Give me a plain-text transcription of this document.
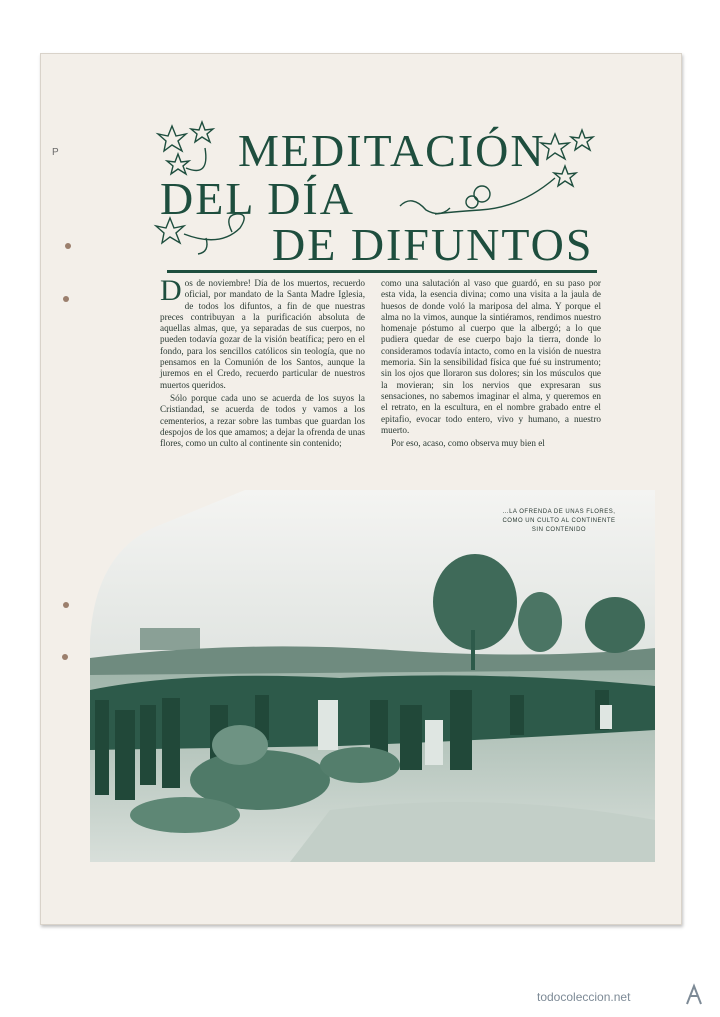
P	MEDITACIÓN
DEL DÍA
DE DIFUNTOS
D os de noviembre! Día de los muertos, recuerdo oficial, por mandato de la Santa Madre Iglesia, de todos los difuntos, a fin de que nuestras preces contribuyan a la purificación absoluta de aquellas almas, que, ya separadas de sus cuerpos, no pueden todavía gozar de la visión beatífica; pero en el fondo, para los sencillos católicos sin teología, que no pensamos en la Comunión de los Santos, aunque la juremos en el Credo, recuerdo particular de nuestros muertos queridos.

Sólo porque cada uno se acuerda de los suyos la Cristiandad, se acuerda de todos y vamos a los cementerios, a rezar sobre las tumbas que guardan los despojos de los que amamos; a dejar la ofrenda de unas flores, como un culto al continente sin contenido;

como una salutación al vaso que guardó, en su paso por esta vida, la esencia divina; como una visita a la jaula de huesos de donde voló la mariposa del alma. Y porque el alma no la vimos, aunque la sintiéramos, rendimos nuestro homenaje póstumo al cuerpo que la albergó; a lo que pudiera quedar de ese cuerpo bajo la tierra, donde lo consideramos todavía intacto, como en la visión de nuestra memoria. Sin la sensibilidad física que fué su instrumento; sin los ojos que lloraron sus dolores; sin los músculos que la movieran; sin los nervios que expresaran sus sensaciones, no sabemos imaginar el alma, y queremos en el retrato, en la escultura, en el nombre grabado entre el epitafio, evocar todo entero, vivo y humano, a nuestro muerto.

Por eso, acaso, como observa muy bien el

...LA OFRENDA DE UNAS FLORES, COMO UN CULTO AL CONTINENTE SIN CONTENIDO
todocoleccion.net
